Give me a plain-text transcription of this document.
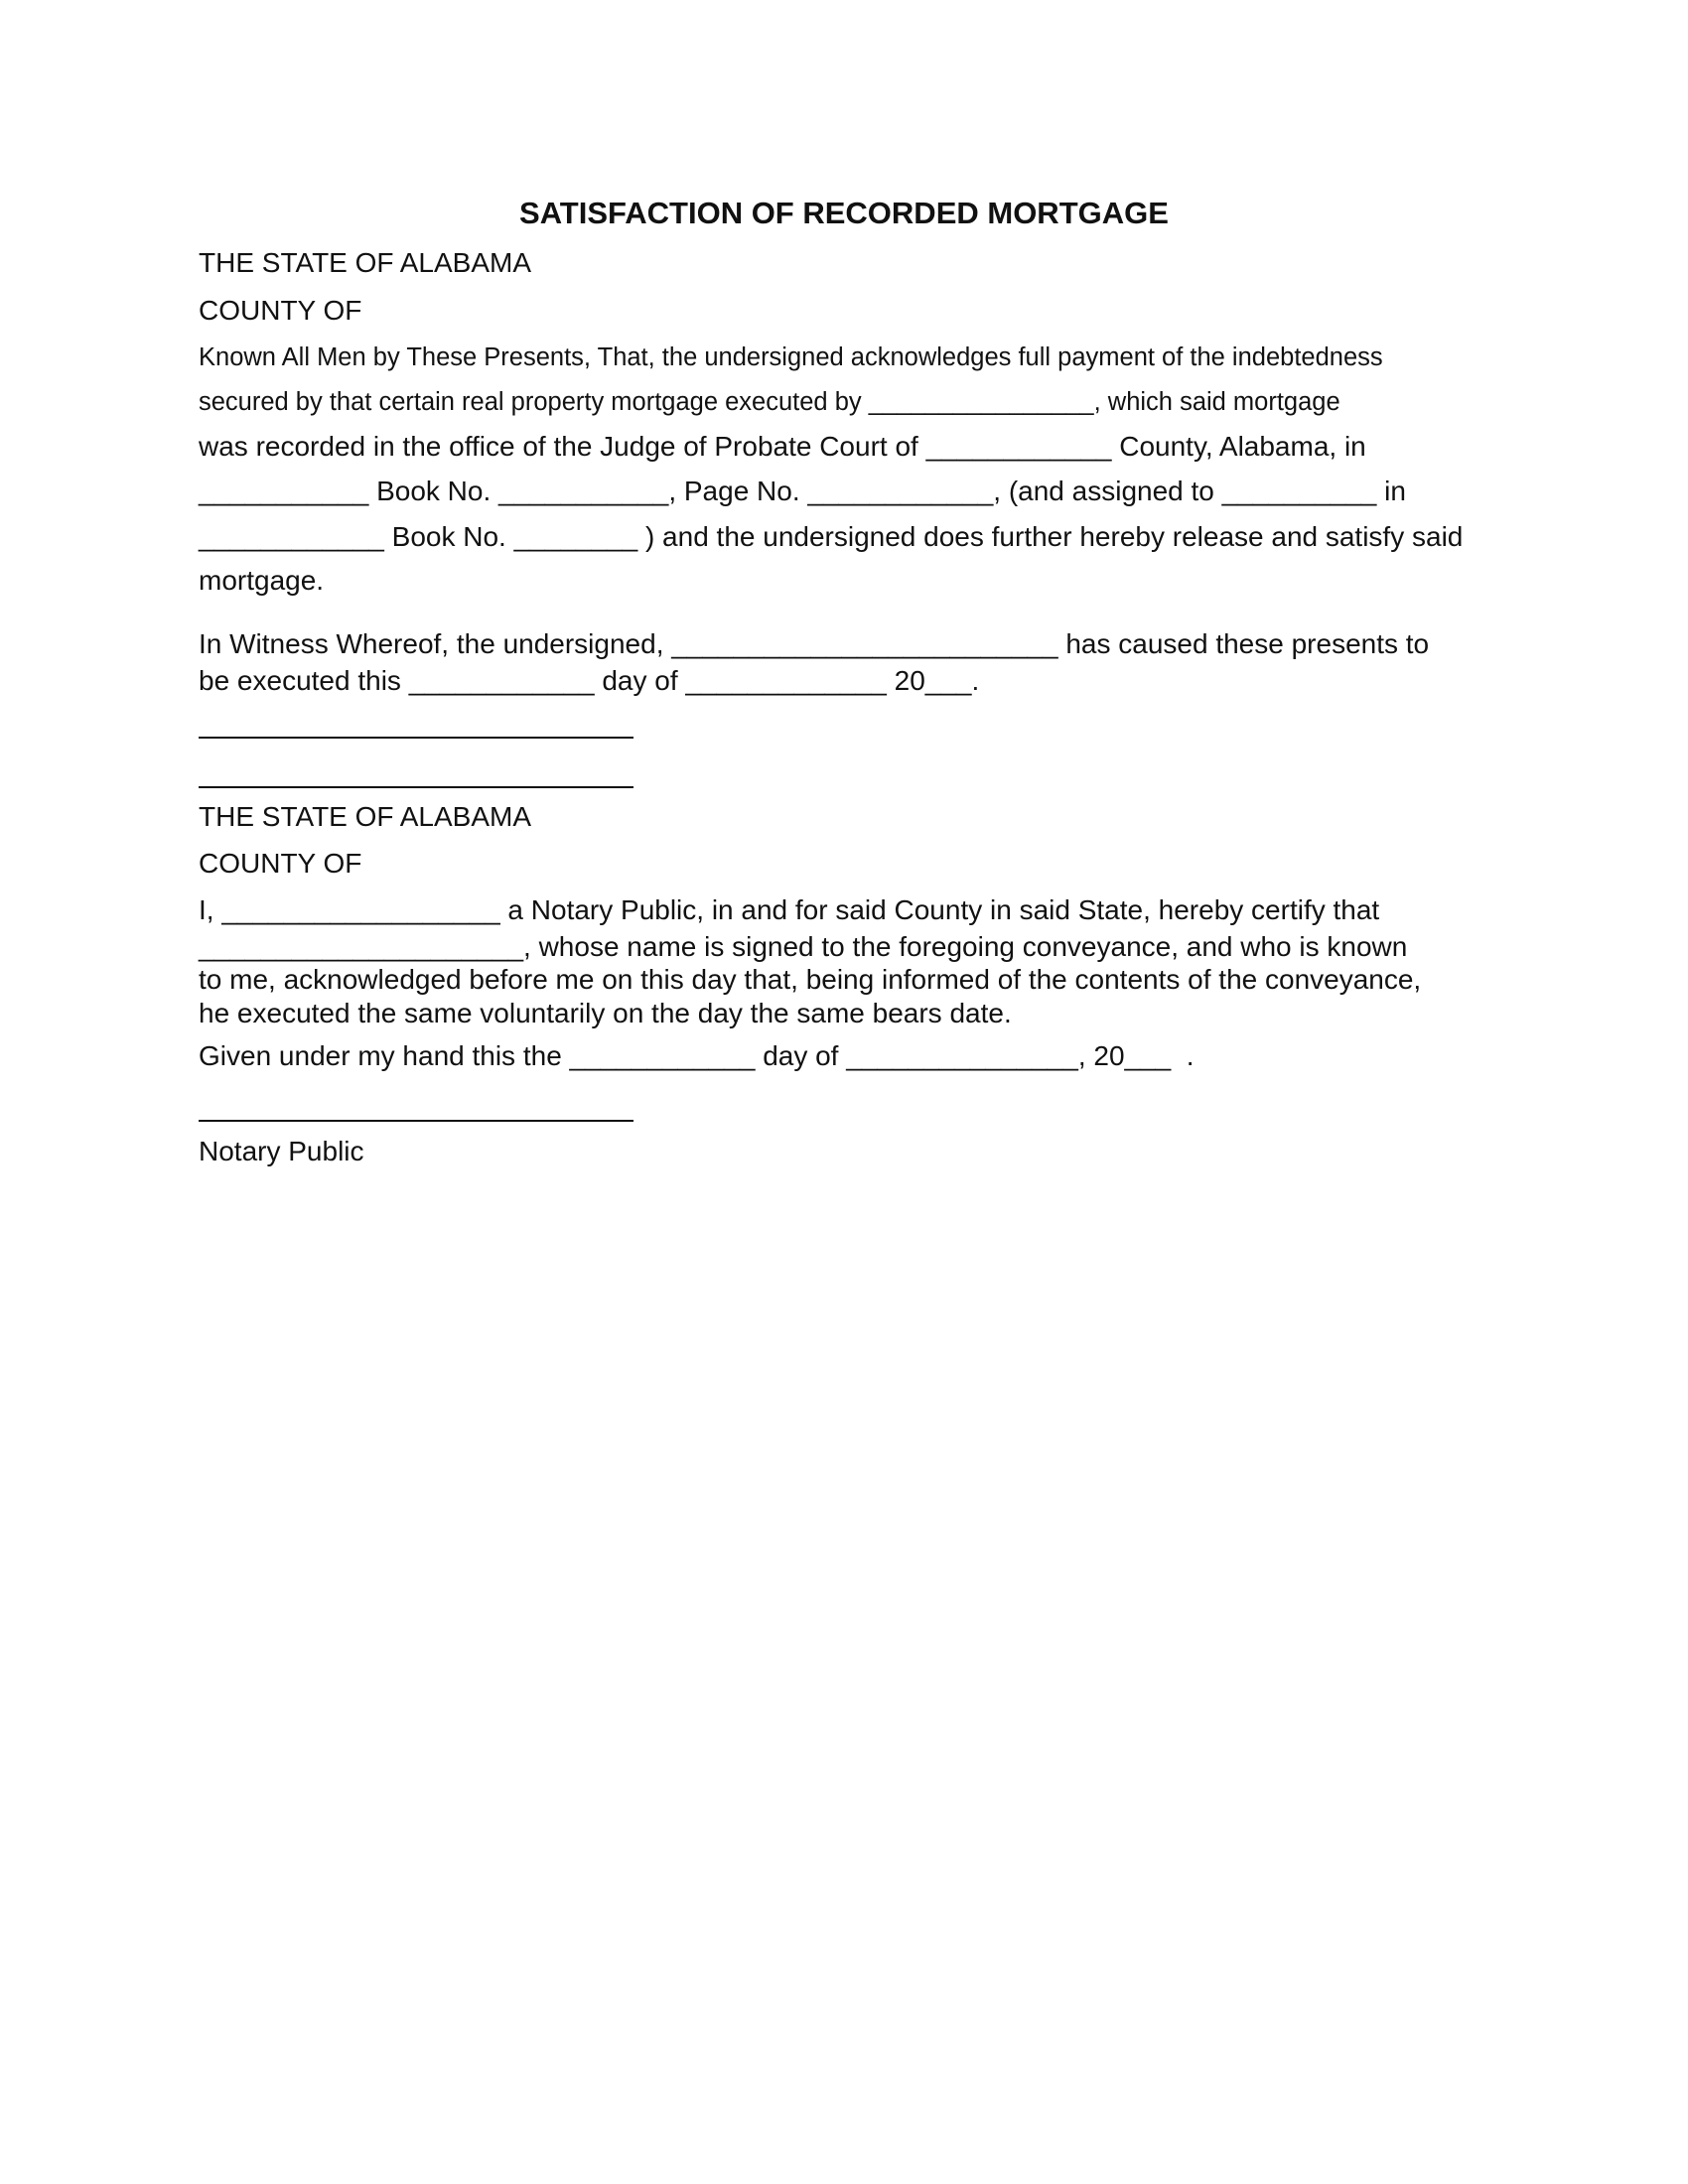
SATISFACTION OF RECORDED MORTGAGE

THE STATE OF ALABAMA

COUNTY OF

Known All Men by These Presents, That, the undersigned acknowledges full payment of the indebtedness

secured by that certain real property mortgage executed by ________________, which said mortgage

was recorded in the office of the Judge of Probate Court of ____________ County, Alabama, in

___________ Book No. ___________, Page No. ____________, (and assigned to __________ in

____________ Book No. ________ ) and the undersigned does further hereby release and satisfy said

mortgage.

In Witness Whereof, the undersigned, _________________________ has caused these presents to

be executed this ____________ day of _____________ 20___.

THE STATE OF ALABAMA

COUNTY OF

I, __________________ a Notary Public, in and for said County in said State, hereby certify that

_____________________, whose name is signed to the foregoing conveyance, and who is known

to me, acknowledged before me on this day that, being informed of the contents of the conveyance,

he executed the same voluntarily on the day the same bears date.

Given under my hand this the ____________ day of _______________, 20___  .

Notary Public
